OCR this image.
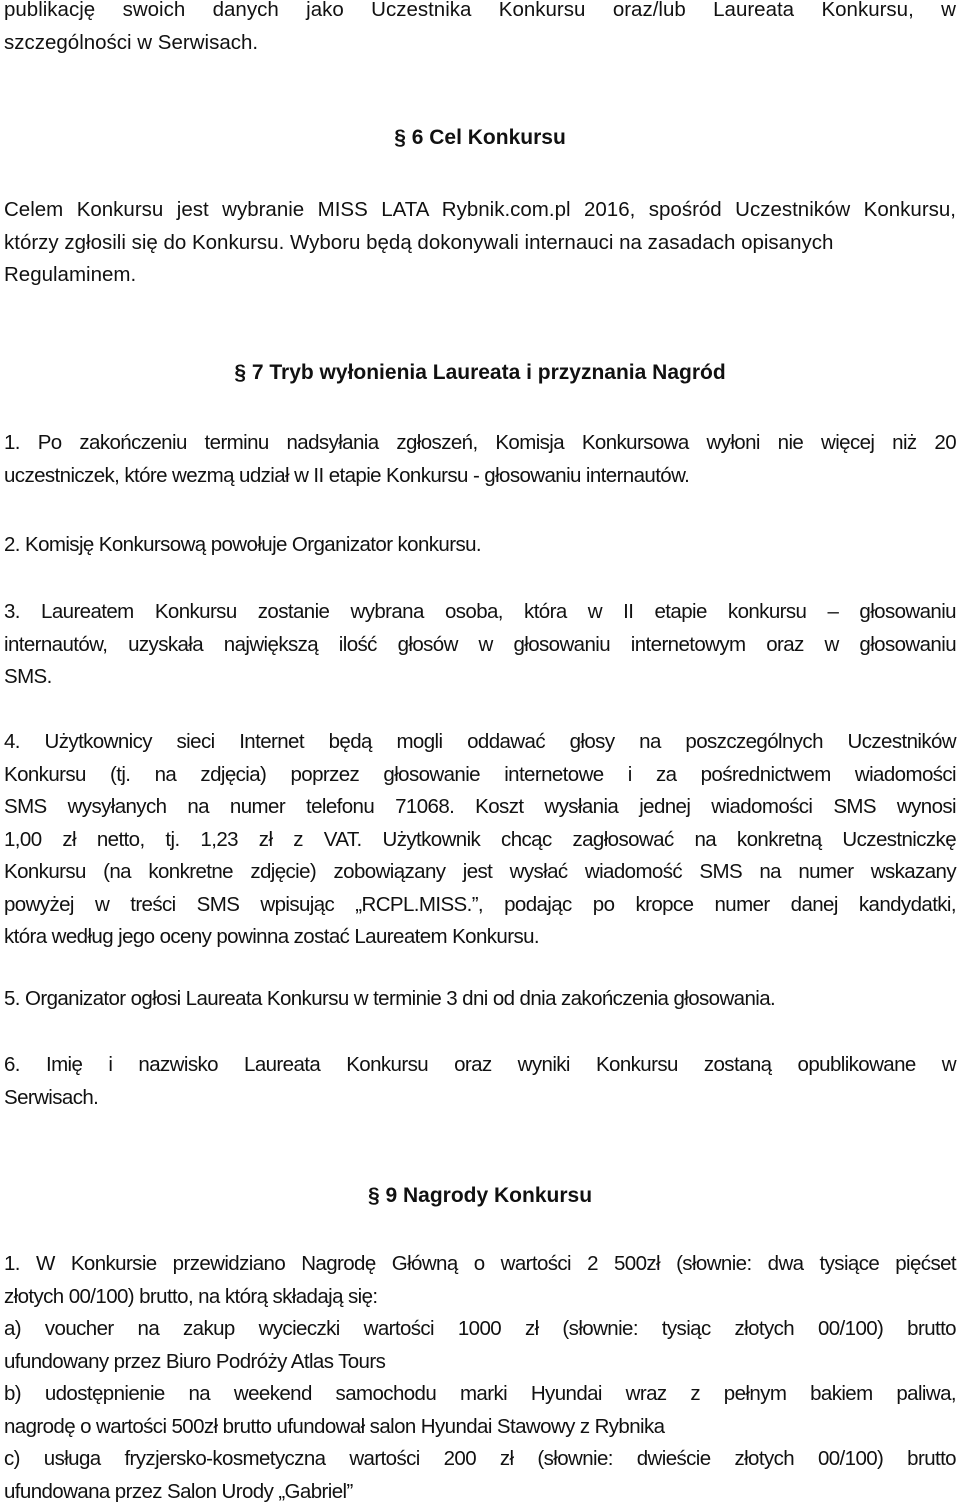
publikację swoich danych jako Uczestnika Konkursu oraz/lub Laureata Konkursu, w
szczególności w Serwisach.
§ 6 Cel Konkursu
Celem Konkursu jest wybranie MISS LATA Rybnik.com.pl 2016, spośród Uczestników Konkursu,
którzy zgłosili się do Konkursu. Wyboru będą dokonywali internauci na zasadach opisanych
Regulaminem.
§ 7 Tryb wyłonienia Laureata i przyznania Nagród
1. Po zakończeniu terminu nadsyłania zgłoszeń, Komisja Konkursowa wyłoni nie więcej niż 20
uczestniczek, które wezmą udział w II etapie Konkursu - głosowaniu internautów.
2. Komisję Konkursową powołuje Organizator konkursu.
3. Laureatem Konkursu zostanie wybrana osoba, która w II etapie konkursu – głosowaniu
internautów, uzyskała największą ilość głosów w głosowaniu internetowym oraz w głosowaniu
SMS.
4. Użytkownicy sieci Internet będą mogli oddawać głosy na poszczególnych Uczestników
Konkursu (tj. na zdjęcia) poprzez głosowanie internetowe i za pośrednictwem wiadomości
SMS wysyłanych na numer telefonu 71068. Koszt wysłania jednej wiadomości SMS wynosi
1,00 zł netto, tj. 1,23 zł z VAT. Użytkownik chcąc zagłosować na konkretną Uczestniczkę
Konkursu (na konkretne zdjęcie) zobowiązany jest wysłać wiadomość SMS na numer wskazany
powyżej w treści SMS wpisując „RCPL.MISS.”, podając po kropce numer danej kandydatki,
która według jego oceny powinna zostać Laureatem Konkursu.
5. Organizator ogłosi Laureata Konkursu w terminie 3 dni od dnia zakończenia głosowania.
6. Imię i nazwisko Laureata Konkursu oraz wyniki Konkursu zostaną opublikowane w
Serwisach.
§ 9 Nagrody Konkursu
1. W Konkursie przewidziano Nagrodę Główną o wartości 2 500zł (słownie: dwa tysiące pięćset
złotych 00/100) brutto, na którą składają się:
a) voucher na zakup wycieczki wartości 1000 zł (słownie: tysiąc złotych 00/100) brutto
ufundowany przez Biuro Podróży Atlas Tours
b) udostępnienie na weekend samochodu marki Hyundai wraz z pełnym bakiem paliwa,
nagrodę o wartości 500zł brutto ufundował salon Hyundai Stawowy z Rybnika
c) usługa fryzjersko-kosmetyczna wartości 200 zł (słownie: dwieście złotych 00/100) brutto
ufundowana przez Salon Urody „Gabriel”
